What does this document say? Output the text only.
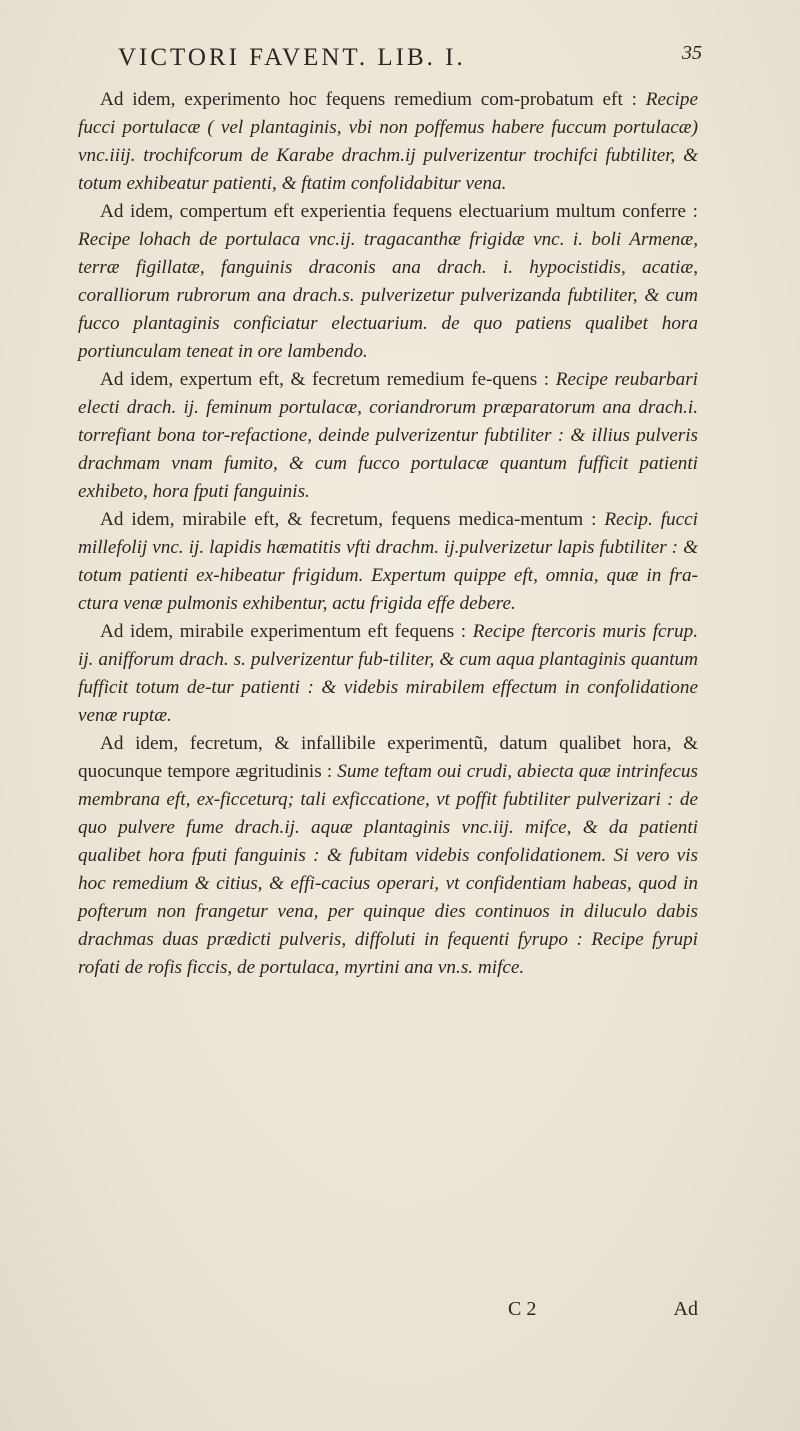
VICTORI FAVENT. LIB. I.	35

Ad idem, experimento hoc fequens remedium com-probatum eft : Recipe fucci portulacæ ( vel plantaginis, vbi non poffemus habere fuccum portulacæ) vnc.iiij. trochifcorum de Karabe drachm.ij pulverizentur trochifci fubtiliter, & totum exhibeatur patienti, & ftatim confolidabitur vena.

Ad idem, compertum eft experientia fequens electuarium multum conferre : Recipe lohach de portulaca vnc.ij. tragacanthæ frigidæ vnc. i. boli Armenæ, terræ figillatæ, fanguinis draconis ana drach. i. hypocistidis, acatiæ, coralliorum rubrorum ana drach.s. pulverizetur pulverizanda fubtiliter, & cum fucco plantaginis conficiatur electuarium. de quo patiens qualibet hora portiunculam teneat in ore lambendo.

Ad idem, expertum eft, & fecretum remedium fe-quens : Recipe reubarbari electi drach. ij. feminum portulacæ, coriandrorum præparatorum ana drach.i. torrefiant bona tor-refactione, deinde pulverizentur fubtiliter : & illius pulveris drachmam vnam fumito, & cum fucco portulacæ quantum fufficit patienti exhibeto, hora fputi fanguinis.

Ad idem, mirabile eft, & fecretum, fequens medica-mentum : Recip. fucci millefolij vnc. ij. lapidis hæmatitis vfti drachm. ij.pulverizetur lapis fubtiliter : & totum patienti ex-hibeatur frigidum. Expertum quippe eft, omnia, quæ in fra-ctura venæ pulmonis exhibentur, actu frigida effe debere.

Ad idem, mirabile experimentum eft fequens : Recipe ftercoris muris fcrup. ij. anifforum drach. s. pulverizentur fub-tiliter, & cum aqua plantaginis quantum fufficit totum de-tur patienti : & videbis mirabilem effectum in confolidatione venæ ruptæ.

Ad idem, fecretum, & infallibile experimentũ, datum qualibet hora, & quocunque tempore ægritudinis : Sume teftam oui crudi, abiecta quæ intrinfecus membrana eft, ex-ficceturq; tali exficcatione, vt poffit fubtiliter pulverizari : de quo pulvere fume drach.ij. aquæ plantaginis vnc.iij. mifce, & da patienti qualibet hora fputi fanguinis : & fubitam videbis confolidationem. Si vero vis hoc remedium & citius, & effi-cacius operari, vt confidentiam habeas, quod in pofterum non frangetur vena, per quinque dies continuos in diluculo dabis drachmas duas prædicti pulveris, diffoluti in fequenti fyrupo : Recipe fyrupi rofati de rofis ficcis, de portulaca, myrtini ana vn.s. mifce.

C 2	Ad
